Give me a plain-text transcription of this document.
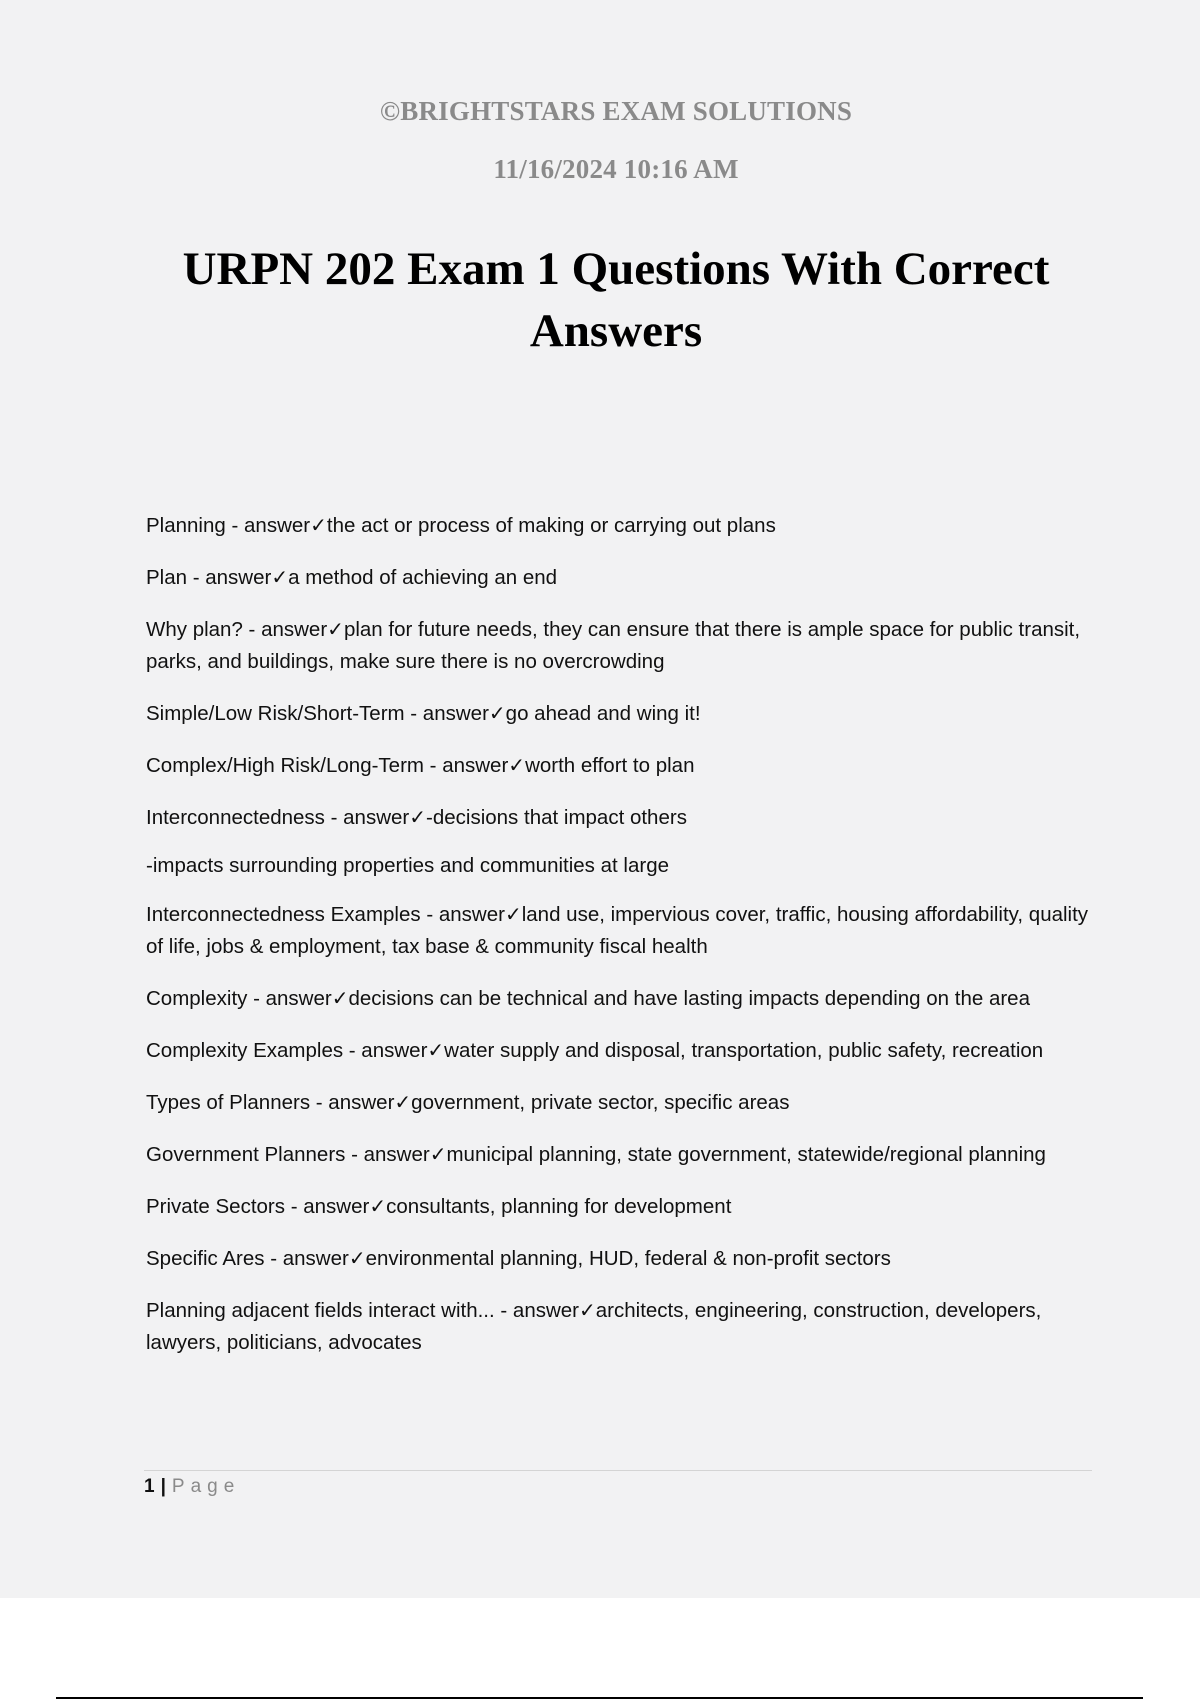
©BRIGHTSTARS EXAM SOLUTIONS
11/16/2024 10:16 AM
URPN 202 Exam 1 Questions With Correct Answers
Planning - answer✓the act or process of making or carrying out plans
Plan - answer✓a method of achieving an end
Why plan? - answer✓plan for future needs, they can ensure that there is ample space for public transit, parks, and buildings, make sure there is no overcrowding
Simple/Low Risk/Short-Term - answer✓go ahead and wing it!
Complex/High Risk/Long-Term - answer✓worth effort to plan
Interconnectedness - answer✓-decisions that impact others
-impacts surrounding properties and communities at large
Interconnectedness Examples - answer✓land use, impervious cover, traffic, housing affordability, quality of life, jobs & employment, tax base & community fiscal health
Complexity - answer✓decisions can be technical and have lasting impacts depending on the area
Complexity Examples - answer✓water supply and disposal, transportation, public safety, recreation
Types of Planners - answer✓government, private sector, specific areas
Government Planners - answer✓municipal planning, state government, statewide/regional planning
Private Sectors - answer✓consultants, planning for development
Specific Ares - answer✓environmental planning, HUD, federal & non-profit sectors
Planning adjacent fields interact with... - answer✓architects, engineering, construction, developers, lawyers, politicians, advocates
1 | Page
